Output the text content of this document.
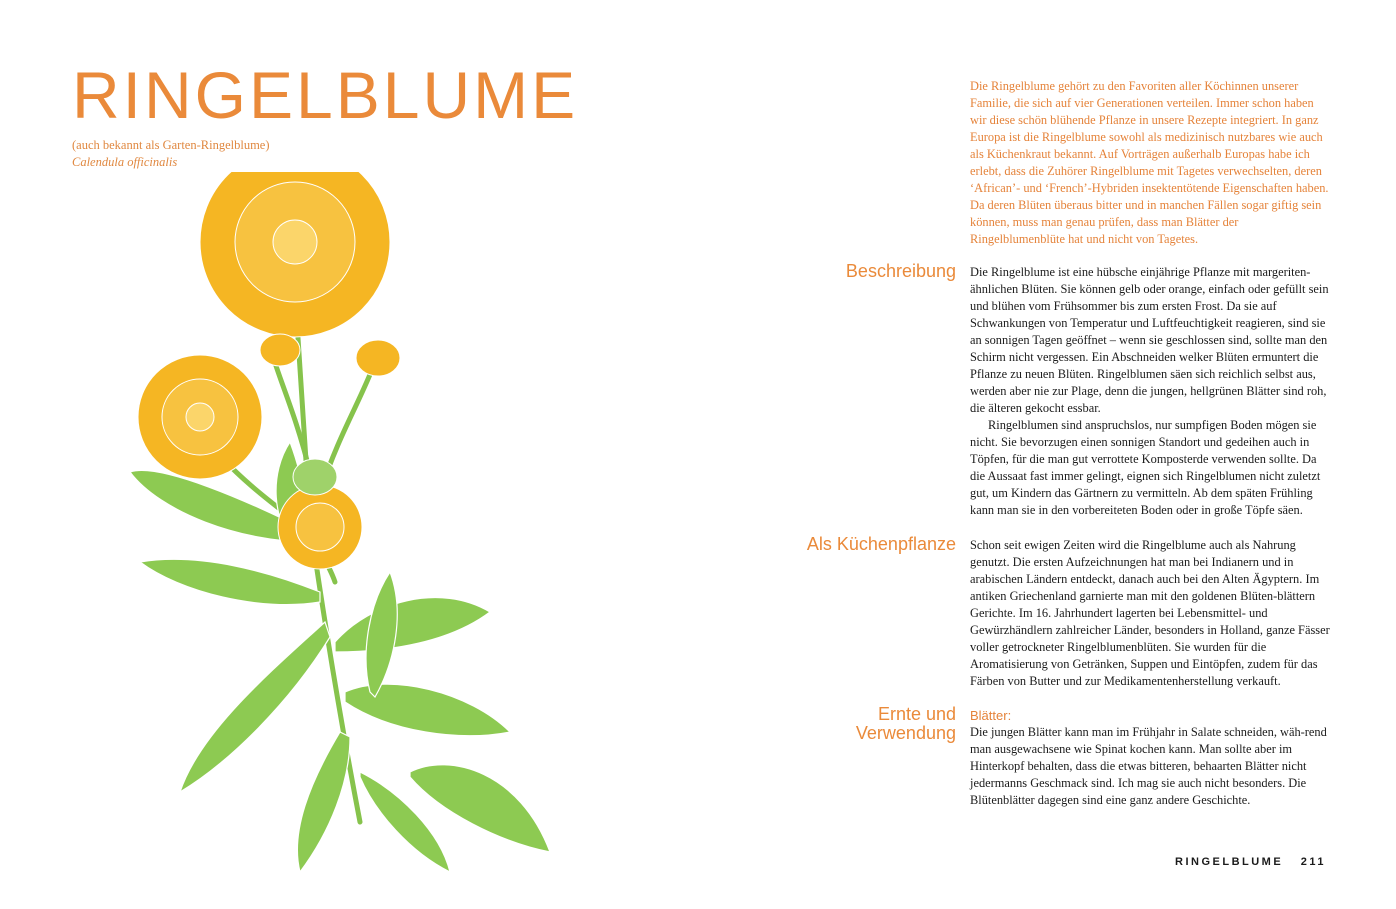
RINGELBLUME
(auch bekannt als Garten-Ringelblume)
Calendula officinalis

Die Ringelblume gehört zu den Favoriten aller Köchinnen unserer Familie, die sich auf vier Generationen verteilen. Immer schon haben wir diese schön blühende Pflanze in unsere Rezepte integriert. In ganz Europa ist die Ringelblume sowohl als medizinisch nutzbares wie auch als Küchenkraut bekannt. Auf Vorträgen außerhalb Europas habe ich erlebt, dass die Zuhörer Ringelblume mit Tagetes verwechselten, deren ‘African’- und ‘French’-Hybriden insektentötende Eigenschaften haben. Da deren Blüten überaus bitter und in manchen Fällen sogar giftig sein können, muss man genau prüfen, dass man Blätter der Ringelblumenblüte hat und nicht von Tagetes.

Beschreibung Die Ringelblume ist eine hübsche einjährige Pflanze mit margeriten-ähnlichen Blüten. Sie können gelb oder orange, einfach oder gefüllt sein und blühen vom Frühsommer bis zum ersten Frost. Da sie auf Schwankungen von Temperatur und Luftfeuchtigkeit reagieren, sind sie an sonnigen Tagen geöffnet – wenn sie geschlossen sind, sollte man den Schirm nicht vergessen. Ein Abschneiden welker Blüten ermuntert die Pflanze zu neuen Blüten. Ringelblumen säen sich reichlich selbst aus, werden aber nie zur Plage, denn die jungen, hellgrünen Blätter sind roh, die älteren gekocht essbar.

Ringelblumen sind anspruchslos, nur sumpfigen Boden mögen sie nicht. Sie bevorzugen einen sonnigen Standort und gedeihen auch in Töpfen, für die man gut verrottete Komposterde verwenden sollte. Da die Aussaat fast immer gelingt, eignen sich Ringelblumen nicht zuletzt gut, um Kindern das Gärtnern zu vermitteln. Ab dem späten Frühling kann man sie in den vorbereiteten Boden oder in große Töpfe säen.

Als Küchenpflanze Schon seit ewigen Zeiten wird die Ringelblume auch als Nahrung genutzt. Die ersten Aufzeichnungen hat man bei Indianern und in arabischen Ländern entdeckt, danach auch bei den Alten Ägyptern. Im antiken Griechenland garnierte man mit den goldenen Blüten-blättern Gerichte. Im 16. Jahrhundert lagerten bei Lebensmittel- und Gewürzhändlern zahlreicher Länder, besonders in Holland, ganze Fässer voller getrockneter Ringelblumenblüten. Sie wurden für die Aromatisierung von Getränken, Suppen und Eintöpfen, zudem für das Färben von Butter und zur Medikamentenherstellung verkauft.

Ernte und
Verwendung
Blätter:

Die jungen Blätter kann man im Frühjahr in Salate schneiden, wäh-rend man ausgewachsene wie Spinat kochen kann. Man sollte aber im Hinterkopf behalten, dass die etwas bitteren, behaarten Blätter nicht jedermanns Geschmack sind. Ich mag sie auch nicht besonders. Die Blütenblätter dagegen sind eine ganz andere Geschichte.

RINGELBLUME 211
